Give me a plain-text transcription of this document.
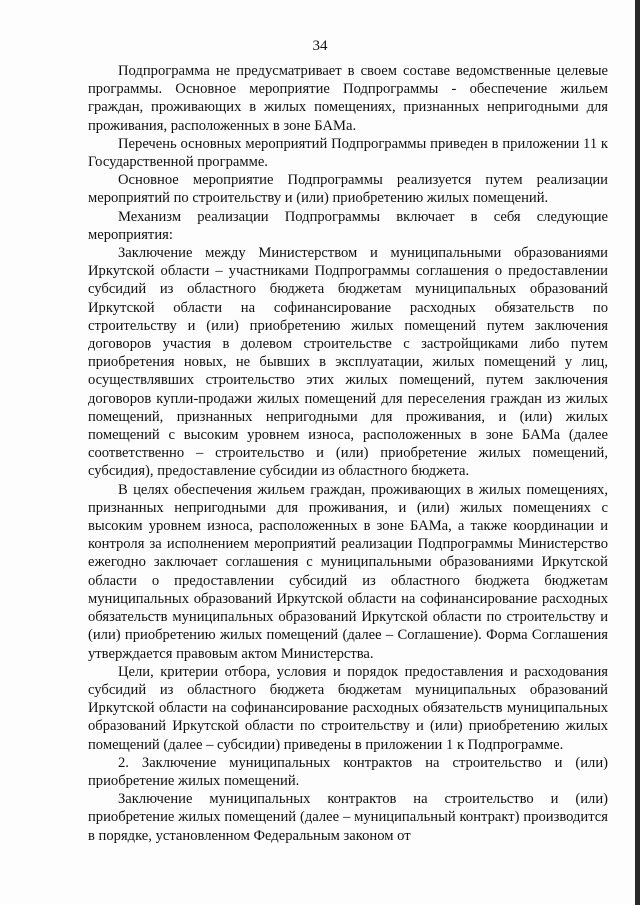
34

Подпрограмма не предусматривает в своем составе ведомственные целевые программы. Основное мероприятие Подпрограммы - обеспечение жильем граждан, проживающих в жилых помещениях, признанных непригодными для проживания, расположенных в зоне БАМа.

Перечень основных мероприятий Подпрограммы приведен в приложении 11 к Государственной программе.

Основное мероприятие Подпрограммы реализуется путем реализации мероприятий по строительству и (или) приобретению жилых помещений.

Механизм реализации Подпрограммы включает в себя следующие мероприятия:

Заключение между Министерством и муниципальными образованиями Иркутской области – участниками Подпрограммы соглашения о предоставлении субсидий из областного бюджета бюджетам муниципальных образований Иркутской области на софинансирование расходных обязательств по строительству и (или) приобретению жилых помещений путем заключения договоров участия в долевом строительстве с застройщиками либо путем приобретения новых, не бывших в эксплуатации, жилых помещений у лиц, осуществлявших строительство этих жилых помещений, путем заключения договоров купли-продажи жилых помещений для переселения граждан из жилых помещений, признанных непригодными для проживания, и (или) жилых помещений с высоким уровнем износа, расположенных в зоне БАМа (далее соответственно – строительство и (или) приобретение жилых помещений, субсидия), предоставление субсидии из областного бюджета.

В целях обеспечения жильем граждан, проживающих в жилых помещениях, признанных непригодными для проживания, и (или) жилых помещениях с высоким уровнем износа, расположенных в зоне БАМа, а также координации и контроля за исполнением мероприятий реализации Подпрограммы Министерство ежегодно заключает соглашения с муниципальными образованиями Иркутской области о предоставлении субсидий из областного бюджета бюджетам муниципальных образований Иркутской области на софинансирование расходных обязательств муниципальных образований Иркутской области по строительству и (или) приобретению жилых помещений (далее – Соглашение). Форма Соглашения утверждается правовым актом Министерства.

Цели, критерии отбора, условия и порядок предоставления и расходования субсидий из областного бюджета бюджетам муниципальных образований Иркутской области на софинансирование расходных обязательств муниципальных образований Иркутской области по строительству и (или) приобретению жилых помещений (далее – субсидии) приведены в приложении 1 к Подпрограмме.

2. Заключение муниципальных контрактов на строительство и (или) приобретение жилых помещений.

Заключение муниципальных контрактов на строительство и (или) приобретение жилых помещений (далее – муниципальный контракт) производится в порядке, установленном Федеральным законом от
